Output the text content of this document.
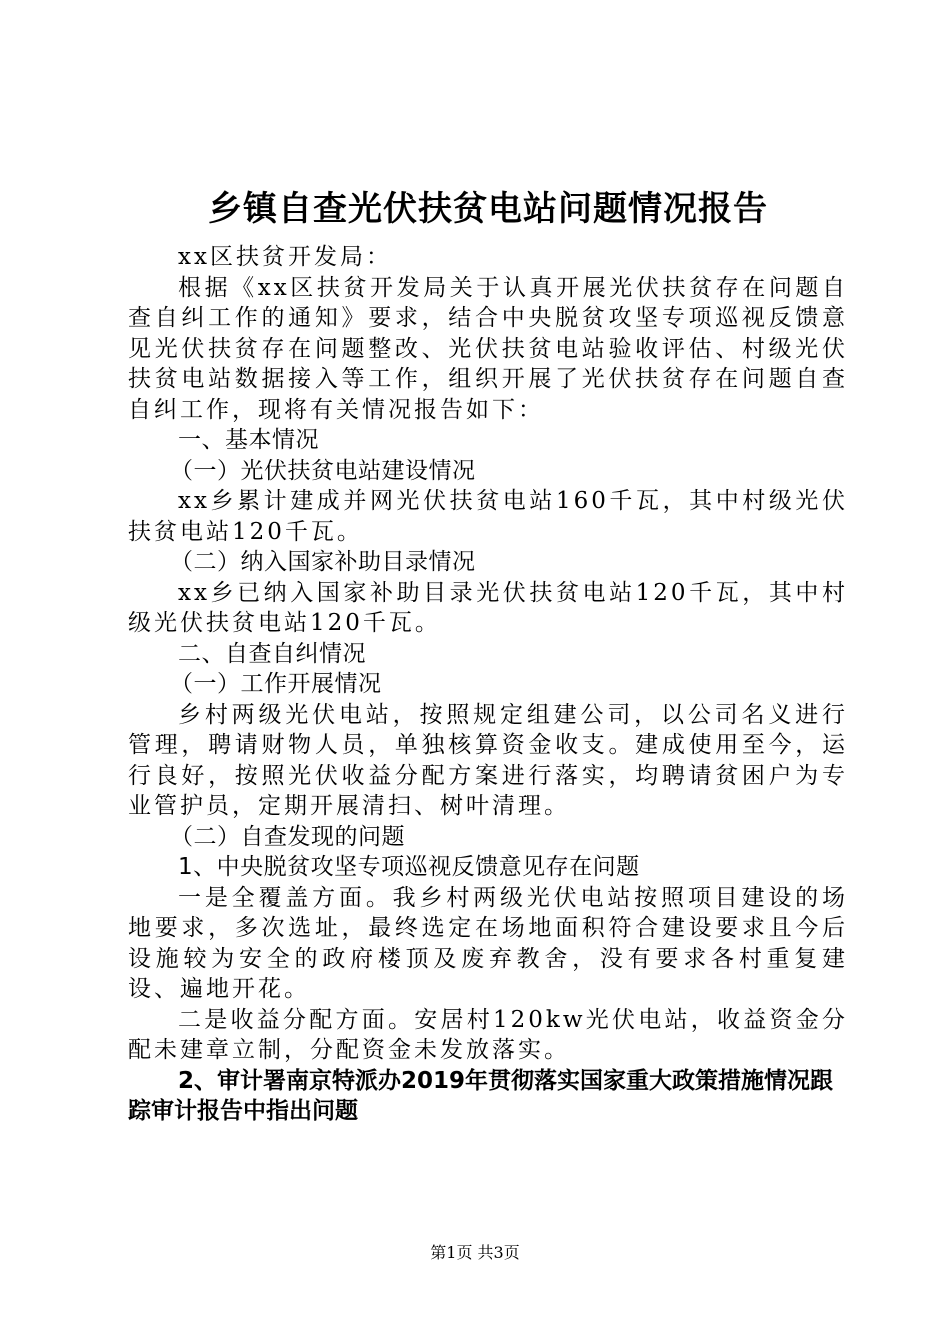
乡镇自查光伏扶贫电站问题情况报告

xx区扶贫开发局：

根据《xx区扶贫开发局关于认真开展光伏扶贫存在问题自查自纠工作的通知》要求，结合中央脱贫攻坚专项巡视反馈意见光伏扶贫存在问题整改、光伏扶贫电站验收评估、村级光伏扶贫电站数据接入等工作，组织开展了光伏扶贫存在问题自查自纠工作，现将有关情况报告如下：

一、基本情况

（一）光伏扶贫电站建设情况

xx乡累计建成并网光伏扶贫电站160千瓦，其中村级光伏扶贫电站120千瓦。

（二）纳入国家补助目录情况

xx乡已纳入国家补助目录光伏扶贫电站120千瓦，其中村级光伏扶贫电站120千瓦。

二、自查自纠情况

（一）工作开展情况

乡村两级光伏电站，按照规定组建公司，以公司名义进行管理，聘请财物人员，单独核算资金收支。建成使用至今，运行良好，按照光伏收益分配方案进行落实，均聘请贫困户为专业管护员，定期开展清扫、树叶清理。

（二）自查发现的问题

1、中央脱贫攻坚专项巡视反馈意见存在问题

一是全覆盖方面。我乡村两级光伏电站按照项目建设的场地要求，多次选址，最终选定在场地面积符合建设要求且今后设施较为安全的政府楼顶及废弃教舍，没有要求各村重复建设、遍地开花。

二是收益分配方面。安居村120kw光伏电站，收益资金分配未建章立制，分配资金未发放落实。

2、审计署南京特派办2019年贯彻落实国家重大政策措施情况跟踪审计报告中指出问题

第1页 共3页
